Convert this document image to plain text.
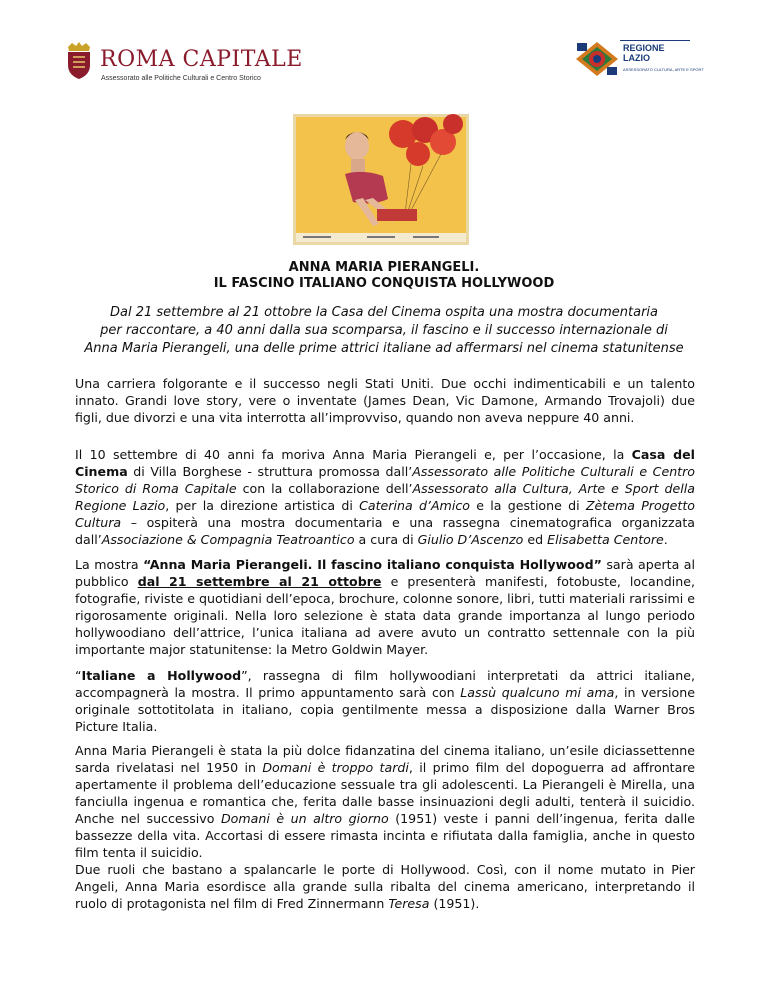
ROMA CAPITALE
Assessorato alle Politiche Culturali e Centro Storico
REGIONE
LAZIO
ASSESSORATO CULTURA, ARTE E SPORT
ANNA MARIA PIERANGELI.
IL FASCINO ITALIANO CONQUISTA HOLLYWOOD
Dal 21 settembre al 21 ottobre la Casa del Cinema ospita una mostra documentaria
per raccontare, a 40 anni dalla sua scomparsa, il fascino e il successo internazionale di
Anna Maria Pierangeli, una delle prime attrici italiane ad affermarsi nel cinema statunitense

Una carriera folgorante e il successo negli Stati Uniti. Due occhi indimenticabili e un talento innato. Grandi love story, vere o inventate (James Dean, Vic Damone, Armando Trovajoli) due figli, due divorzi e una vita interrotta all’improvviso, quando non aveva neppure 40 anni.

Il 10 settembre di 40 anni fa moriva Anna Maria Pierangeli e, per l’occasione, la Casa del Cinema di Villa Borghese - struttura promossa dall’Assessorato alle Politiche Culturali e Centro Storico di Roma Capitale con la collaborazione dell’Assessorato alla Cultura, Arte e Sport della Regione Lazio, per la direzione artistica di Caterina d’Amico e la gestione di Zètema Progetto Cultura – ospiterà una mostra documentaria e una rassegna cinematografica organizzata dall’Associazione & Compagnia Teatroantico a cura di Giulio D’Ascenzo ed Elisabetta Centore.

La mostra “Anna Maria Pierangeli. Il fascino italiano conquista Hollywood” sarà aperta al pubblico dal 21 settembre al 21 ottobre e presenterà manifesti, fotobuste, locandine, fotografie, riviste e quotidiani dell’epoca, brochure, colonne sonore, libri, tutti materiali rarissimi e rigorosamente originali. Nella loro selezione è stata data grande importanza al lungo periodo hollywoodiano dell’attrice, l’unica italiana ad avere avuto un contratto settennale con la più importante major statunitense: la Metro Goldwin Mayer.

“Italiane a Hollywood”, rassegna di film hollywoodiani interpretati da attrici italiane, accompagnerà la mostra. Il primo appuntamento sarà con Lassù qualcuno mi ama, in versione originale sottotitolata in italiano, copia gentilmente messa a disposizione dalla Warner Bros Picture Italia.

Anna Maria Pierangeli è stata la più dolce fidanzatina del cinema italiano, un’esile diciassettenne sarda rivelatasi nel 1950 in Domani è troppo tardi, il primo film del dopoguerra ad affrontare apertamente il problema dell’educazione sessuale tra gli adolescenti. La Pierangeli è Mirella, una fanciulla ingenua e romantica che, ferita dalle basse insinuazioni degli adulti, tenterà il suicidio. Anche nel successivo Domani è un altro giorno (1951) veste i panni dell’ingenua, ferita dalle bassezze della vita. Accortasi di essere rimasta incinta e rifiutata dalla famiglia, anche in questo film tenta il suicidio.

Due ruoli che bastano a spalancarle le porte di Hollywood. Così, con il nome mutato in Pier Angeli, Anna Maria esordisce alla grande sulla ribalta del cinema americano, interpretando il ruolo di protagonista nel film di Fred Zinnermann Teresa (1951).
